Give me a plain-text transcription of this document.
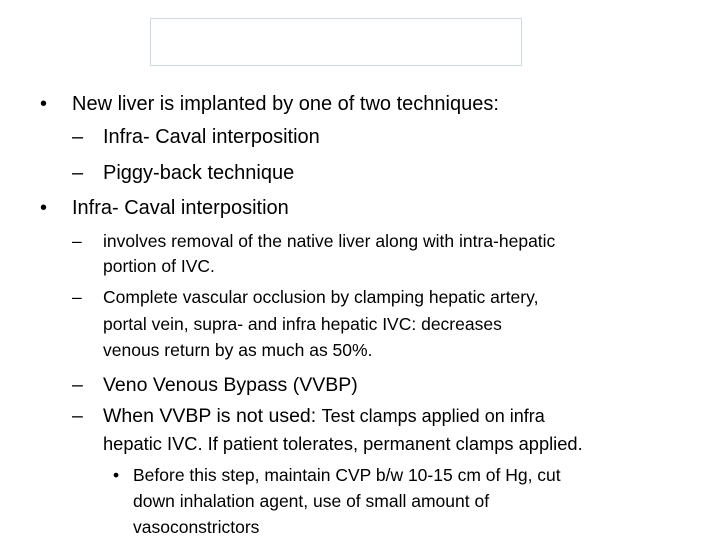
• New liver is implanted by one of two techniques:
– Infra- Caval interposition
– Piggy-back technique
• Infra- Caval interposition
– involves removal of the native liver along with intra-hepatic
portion of IVC.
– Complete vascular occlusion by clamping hepatic artery,
portal vein, supra- and infra hepatic IVC: decreases
venous return by as much as 50%.
– Veno Venous Bypass (VVBP)
– When VVBP is not used: Test clamps applied on infra
hepatic IVC. If patient tolerates, permanent clamps applied.
• Before this step, maintain CVP b/w 10-15 cm of Hg, cut
down inhalation agent, use of small amount of
vasoconstrictors
